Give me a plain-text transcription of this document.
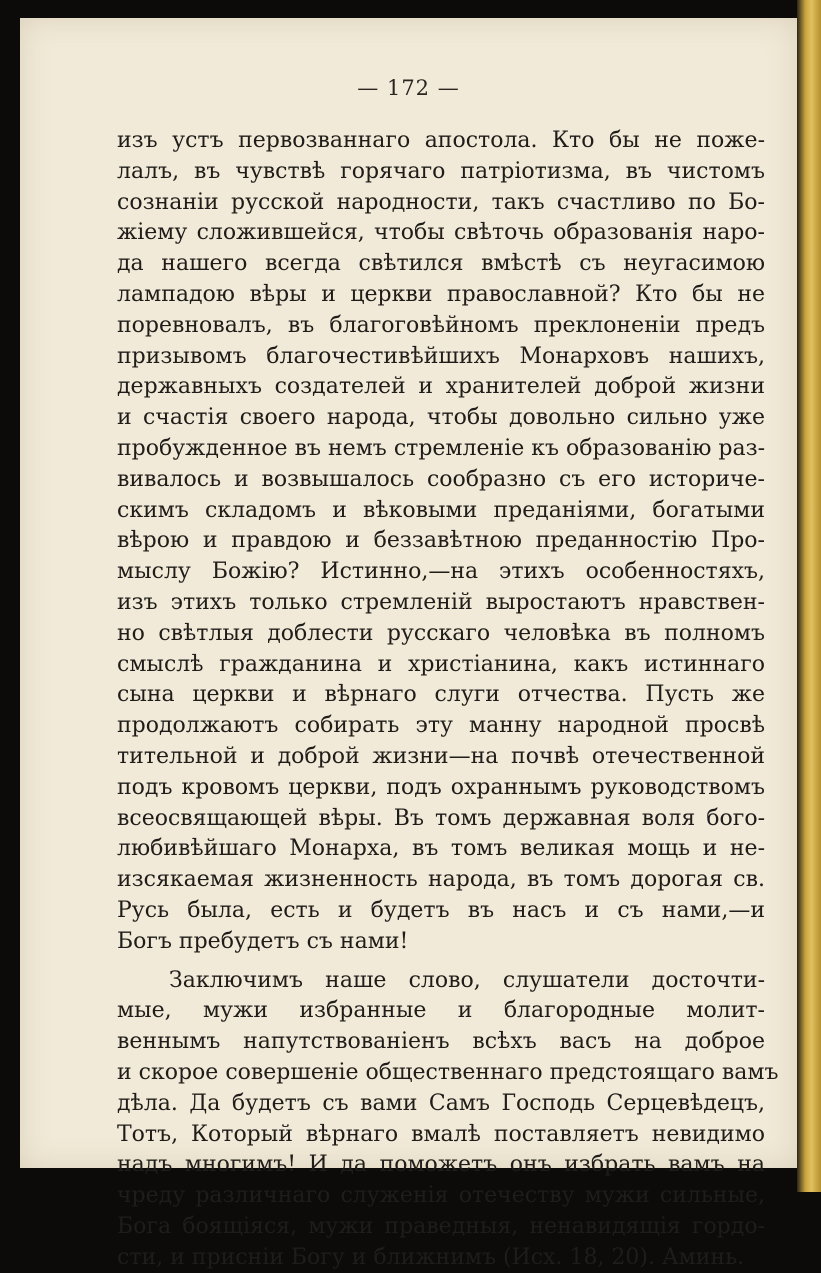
— 172 —
изъ устъ первозваннаго апостола. Кто бы не поже-
лалъ, въ чувствѣ горячаго патріотизма, въ чистомъ
сознаніи русской народности, такъ счастливо по Бо-
жіему сложившейся, чтобы свѣточь образованія наро-
да нашего всегда свѣтился вмѣстѣ съ неугасимою
лампадою вѣры и церкви православной? Кто бы не
поревновалъ, въ благоговѣйномъ преклоненіи предъ
призывомъ благочестивѣйшихъ Монарховъ нашихъ,
державныхъ создателей и хранителей доброй жизни
и счастія своего народа, чтобы довольно сильно уже
пробужденное въ немъ стремленіе къ образованію раз-
вивалось и возвышалось сообразно съ его историче-
скимъ складомъ и вѣковыми преданіями, богатыми
вѣрою и правдою и беззавѣтною преданностію Про-
мыслу Божію? Истинно,—на этихъ особенностяхъ,
изъ этихъ только стремленій выростаютъ нравствен-
но свѣтлыя доблести русскаго человѣка въ полномъ
смыслѣ гражданина и христіанина, какъ истиннаго
сына церкви и вѣрнаго слуги отчества. Пусть же
продолжаютъ собирать эту манну народной просвѣ
тительной и доброй жизни—на почвѣ отечественной
подъ кровомъ церкви, подъ охраннымъ руководствомъ
всеосвящающей вѣры. Въ томъ державная воля бого-
любивѣйшаго Монарха, въ томъ великая мощь и не-
изсякаемая жизненность народа, въ томъ дорогая св.
Русь была, есть и будетъ въ насъ и съ нами,—и
Богъ пребудетъ съ нами!
Заключимъ наше слово, слушатели досточти-
мые, мужи избранные и благородные молит-
веннымъ напутствованіенъ всѣхъ васъ на доброе
и скорое совершеніе общественнаго предстоящаго вамъ
дѣла. Да будетъ съ вами Самъ Господь Серцевѣдецъ,
Тотъ, Который вѣрнаго вмалѣ поставляетъ невидимо
надъ многимъ! И да поможетъ онъ избрать вамъ на
чреду различнаго служенія отечеству мужи сильные,
Бога боящіяся, мужи праведныя, ненавидящія гордо-
сти, и присніи Богу и ближнимъ (Исх. 18, 20). Аминь.
